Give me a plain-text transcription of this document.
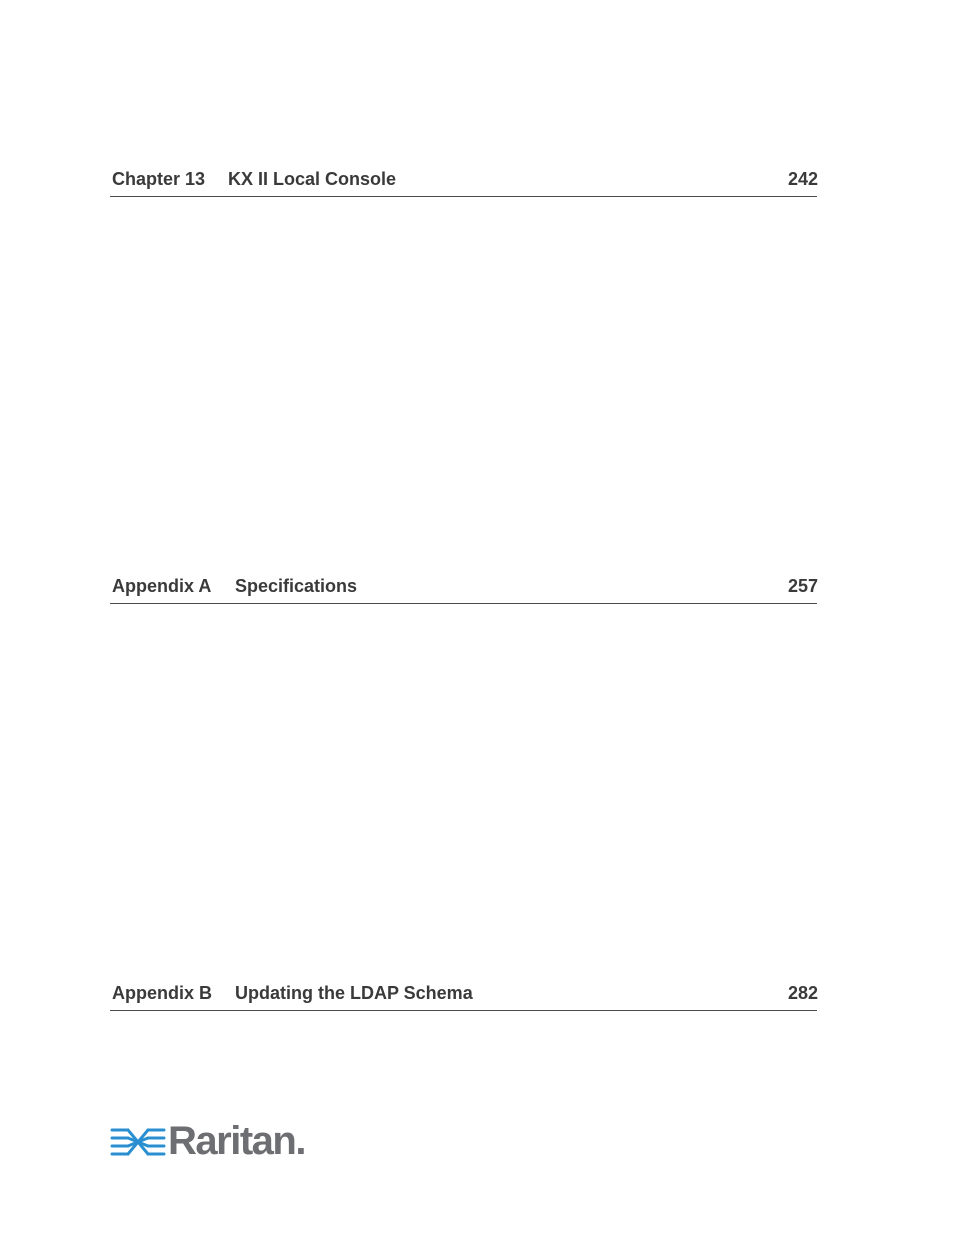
Chapter 13 KX II Local Console	242
Appendix A Specifications	257
Appendix B Updating the LDAP Schema	282
Raritan.
